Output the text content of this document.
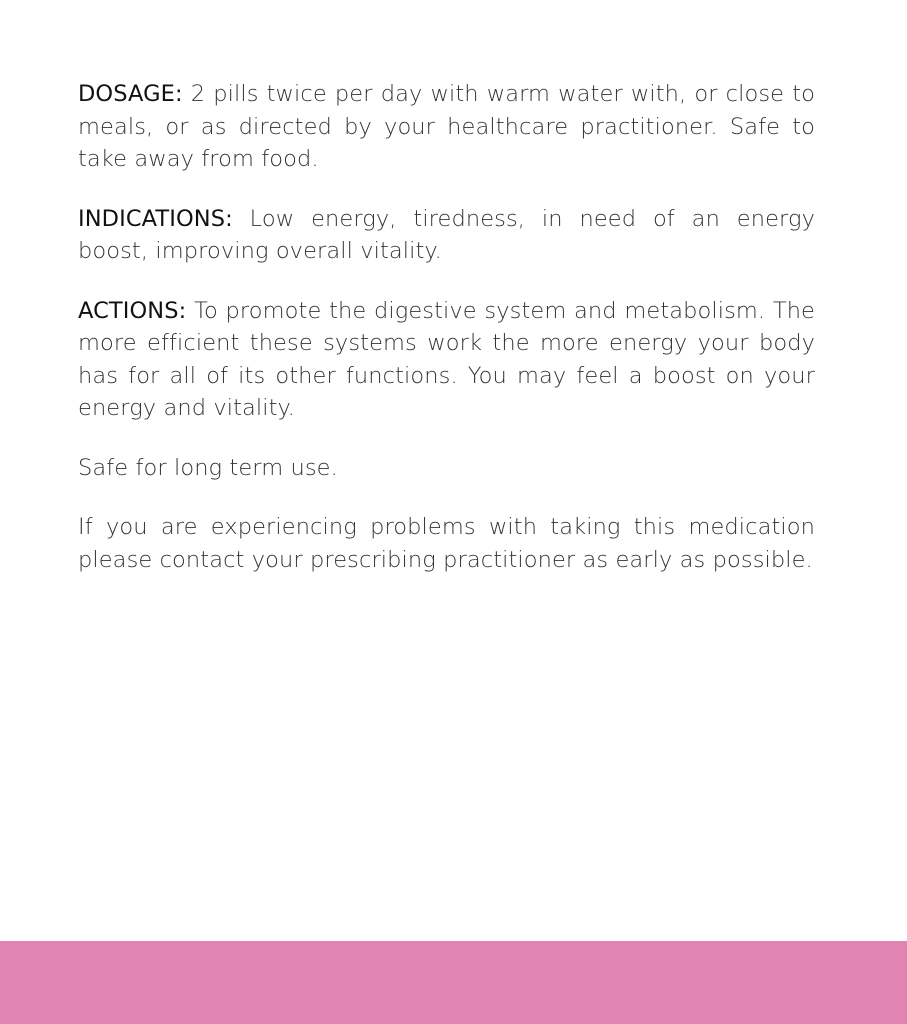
DOSAGE: 2 pills twice per day with warm water with, or close to meals, or as directed by your healthcare practitioner. Safe to take away from food.

INDICATIONS: Low energy, tiredness, in need of an energy boost, improving overall vitality.

ACTIONS: To promote the digestive system and metabolism. The more efficient these systems work the more energy your body has for all of its other functions. You may feel a boost on your energy and vitality.

Safe for long term use.

If you are experiencing problems with taking this medication please contact your prescribing practitioner as early as possible.
